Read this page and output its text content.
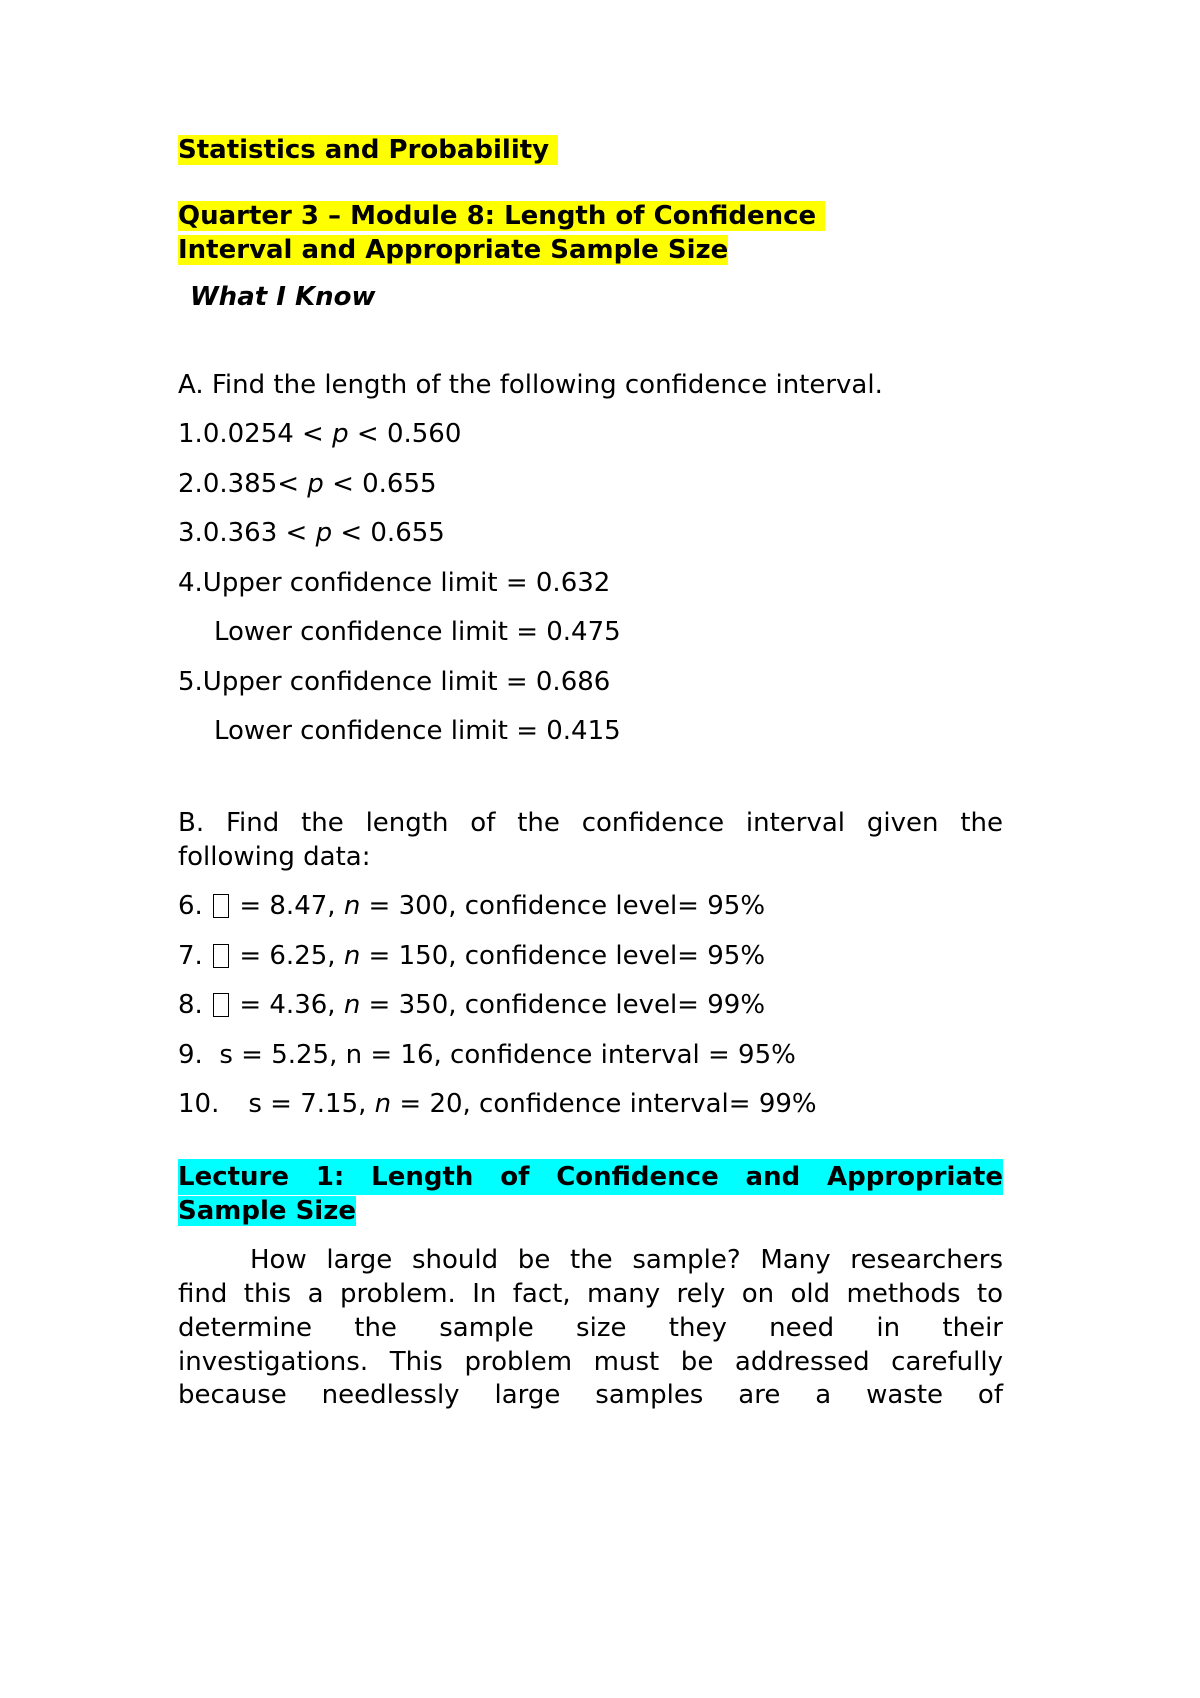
Statistics and Probability
Quarter 3 – Module 8: Length of Confidence
Interval and Appropriate Sample Size
What I Know
A. Find the length of the following confidence interval.
1.0.0254 < p < 0.560
2.0.385< p < 0.655
3.0.363 < p < 0.655
4.Upper confidence limit = 0.632
Lower confidence limit = 0.475
5.Upper confidence limit = 0.686
Lower confidence limit = 0.415
B. Find the length of the confidence interval given the
following data:
6.  = 8.47, n = 300, confidence level= 95%
7.  = 6.25, n = 150, confidence level= 95%
8.  = 4.36, n = 350, confidence level= 99%
9.  s = 5.25, n = 16, confidence interval = 95%
10. s = 7.15, n = 20, confidence interval= 99%
Lecture 1: Length of Confidence and Appropriate
Sample Size
How large should be the sample? Many researchers
find this a problem. In fact, many rely on old methods to
determine the sample size they need in their
investigations. This problem must be addressed carefully
because needlessly large samples are a waste of
